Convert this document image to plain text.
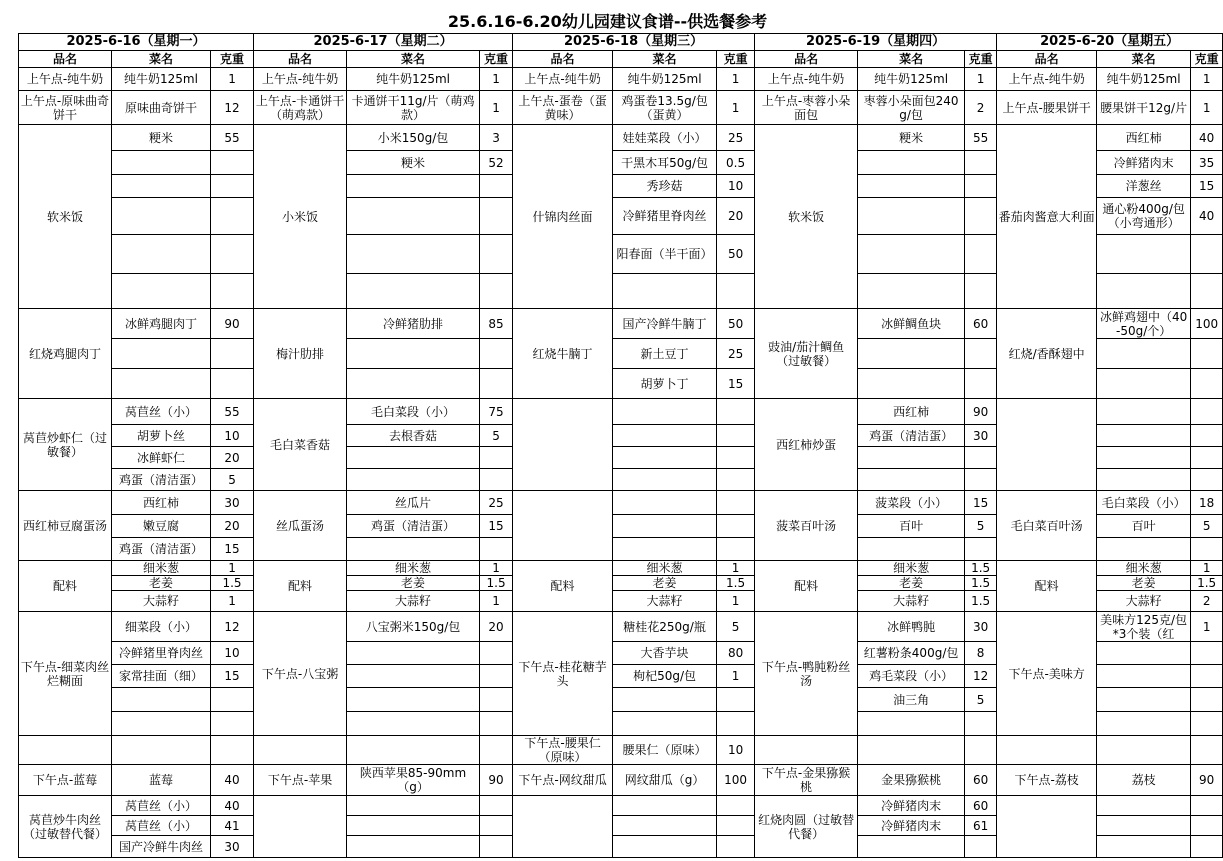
25.6.16-6.20幼儿园建议食谱--供选餐参考
2025-6-16（星期一）			2025-6-17（星期二）			2025-6-18（星期三）			2025-6-19（星期四）			2025-6-20（星期五）		
品名	菜名	克重	品名	菜名	克重	品名	菜名	克重	品名	菜名	克重	品名	菜名	克重
上午点-纯牛奶	纯牛奶125ml	1	上午点-纯牛奶	纯牛奶125ml	1	上午点-纯牛奶	纯牛奶125ml	1	上午点-纯牛奶	纯牛奶125ml	1	上午点-纯牛奶	纯牛奶125ml	1
上午点-原味曲奇饼干	原味曲奇饼干	12	上午点-卡通饼干（萌鸡款）	卡通饼干11g/片（萌鸡款）	1	上午点-蛋卷（蛋黄味）	鸡蛋卷13.5g/包（蛋黄）	1	上午点-枣蓉小朵面包	枣蓉小朵面包240g/包	2	上午点-腰果饼干	腰果饼干12g/片	1
软米饭	粳米	55	小米饭	小米150g/包	3	什锦肉丝面	娃娃菜段（小）	25	软米饭	粳米	55	番茄肉酱意大利面	西红柿	40
				粳米	52		干黑木耳50g/包	0.5					冷鲜猪肉末	35
							秀珍菇	10					洋葱丝	15
							冷鲜猪里脊肉丝	20					通心粉400g/包（小弯通形）	40
							阳春面（半干面）	50						

红烧鸡腿肉丁	冰鲜鸡腿肉丁	90	梅汁肋排	冷鲜猪肋排	85	红烧牛腩丁	国产冷鲜牛腩丁	50	豉油/茄汁鲷鱼（过敏餐）	冰鲜鲷鱼块	60	红烧/香酥翅中	冰鲜鸡翅中（40-50g/个）	100
							新土豆丁	25						
							胡萝卜丁	15						
莴苣炒虾仁（过敏餐）	莴苣丝（小）	55	毛白菜香菇	毛白菜段（小）	75				西红柿炒蛋	西红柿	90			
	胡萝卜丝	10		去根香菇	5					鸡蛋（清洁蛋）	30			
	冰鲜虾仁	20												
	鸡蛋（清洁蛋）	5												
西红柿豆腐蛋汤	西红柿	30	丝瓜蛋汤	丝瓜片	25				菠菜百叶汤	菠菜段（小）	15	毛白菜百叶汤	毛白菜段（小）	18
	嫩豆腐	20		鸡蛋（清洁蛋）	15					百叶	5		百叶	5
	鸡蛋（清洁蛋）	15												
配料	细米葱	1	配料	细米葱	1	配料	细米葱	1	配料	细米葱	1.5	配料	细米葱	1
	老姜	1.5		老姜	1.5		老姜	1.5		老姜	1.5		老姜	1.5
	大蒜籽	1		大蒜籽	1		大蒜籽	1		大蒜籽	1.5		大蒜籽	2
下午点-细菜肉丝烂糊面	细菜段（小）	12	下午点-八宝粥	八宝粥米150g/包	20	下午点-桂花糖芋头	糖桂花250g/瓶	5	下午点-鸭肫粉丝汤	冰鲜鸭肫	30	下午点-美味方	美味方125克/包*3个装（红	1
	冷鲜猪里脊肉丝	10					大香芋块	80		红薯粉条400g/包	8			
	家常挂面（细）	15					枸杞50g/包	1		鸡毛菜段（小）	12			
										油三角	5			

						下午点-腰果仁（原味）	腰果仁（原味）	10						
下午点-蓝莓	蓝莓	40	下午点-苹果	陕西苹果85-90mm（g）	90	下午点-网纹甜瓜	网纹甜瓜（g）	100	下午点-金果猕猴桃	金果猕猴桃	60	下午点-荔枝	荔枝	90
莴苣炒牛肉丝（过敏替代餐）	莴苣丝（小）	40							红烧肉圆（过敏替代餐）	冷鲜猪肉末	60			
	莴苣丝（小）	41								冷鲜猪肉末	61			
	国产冷鲜牛肉丝	30												
